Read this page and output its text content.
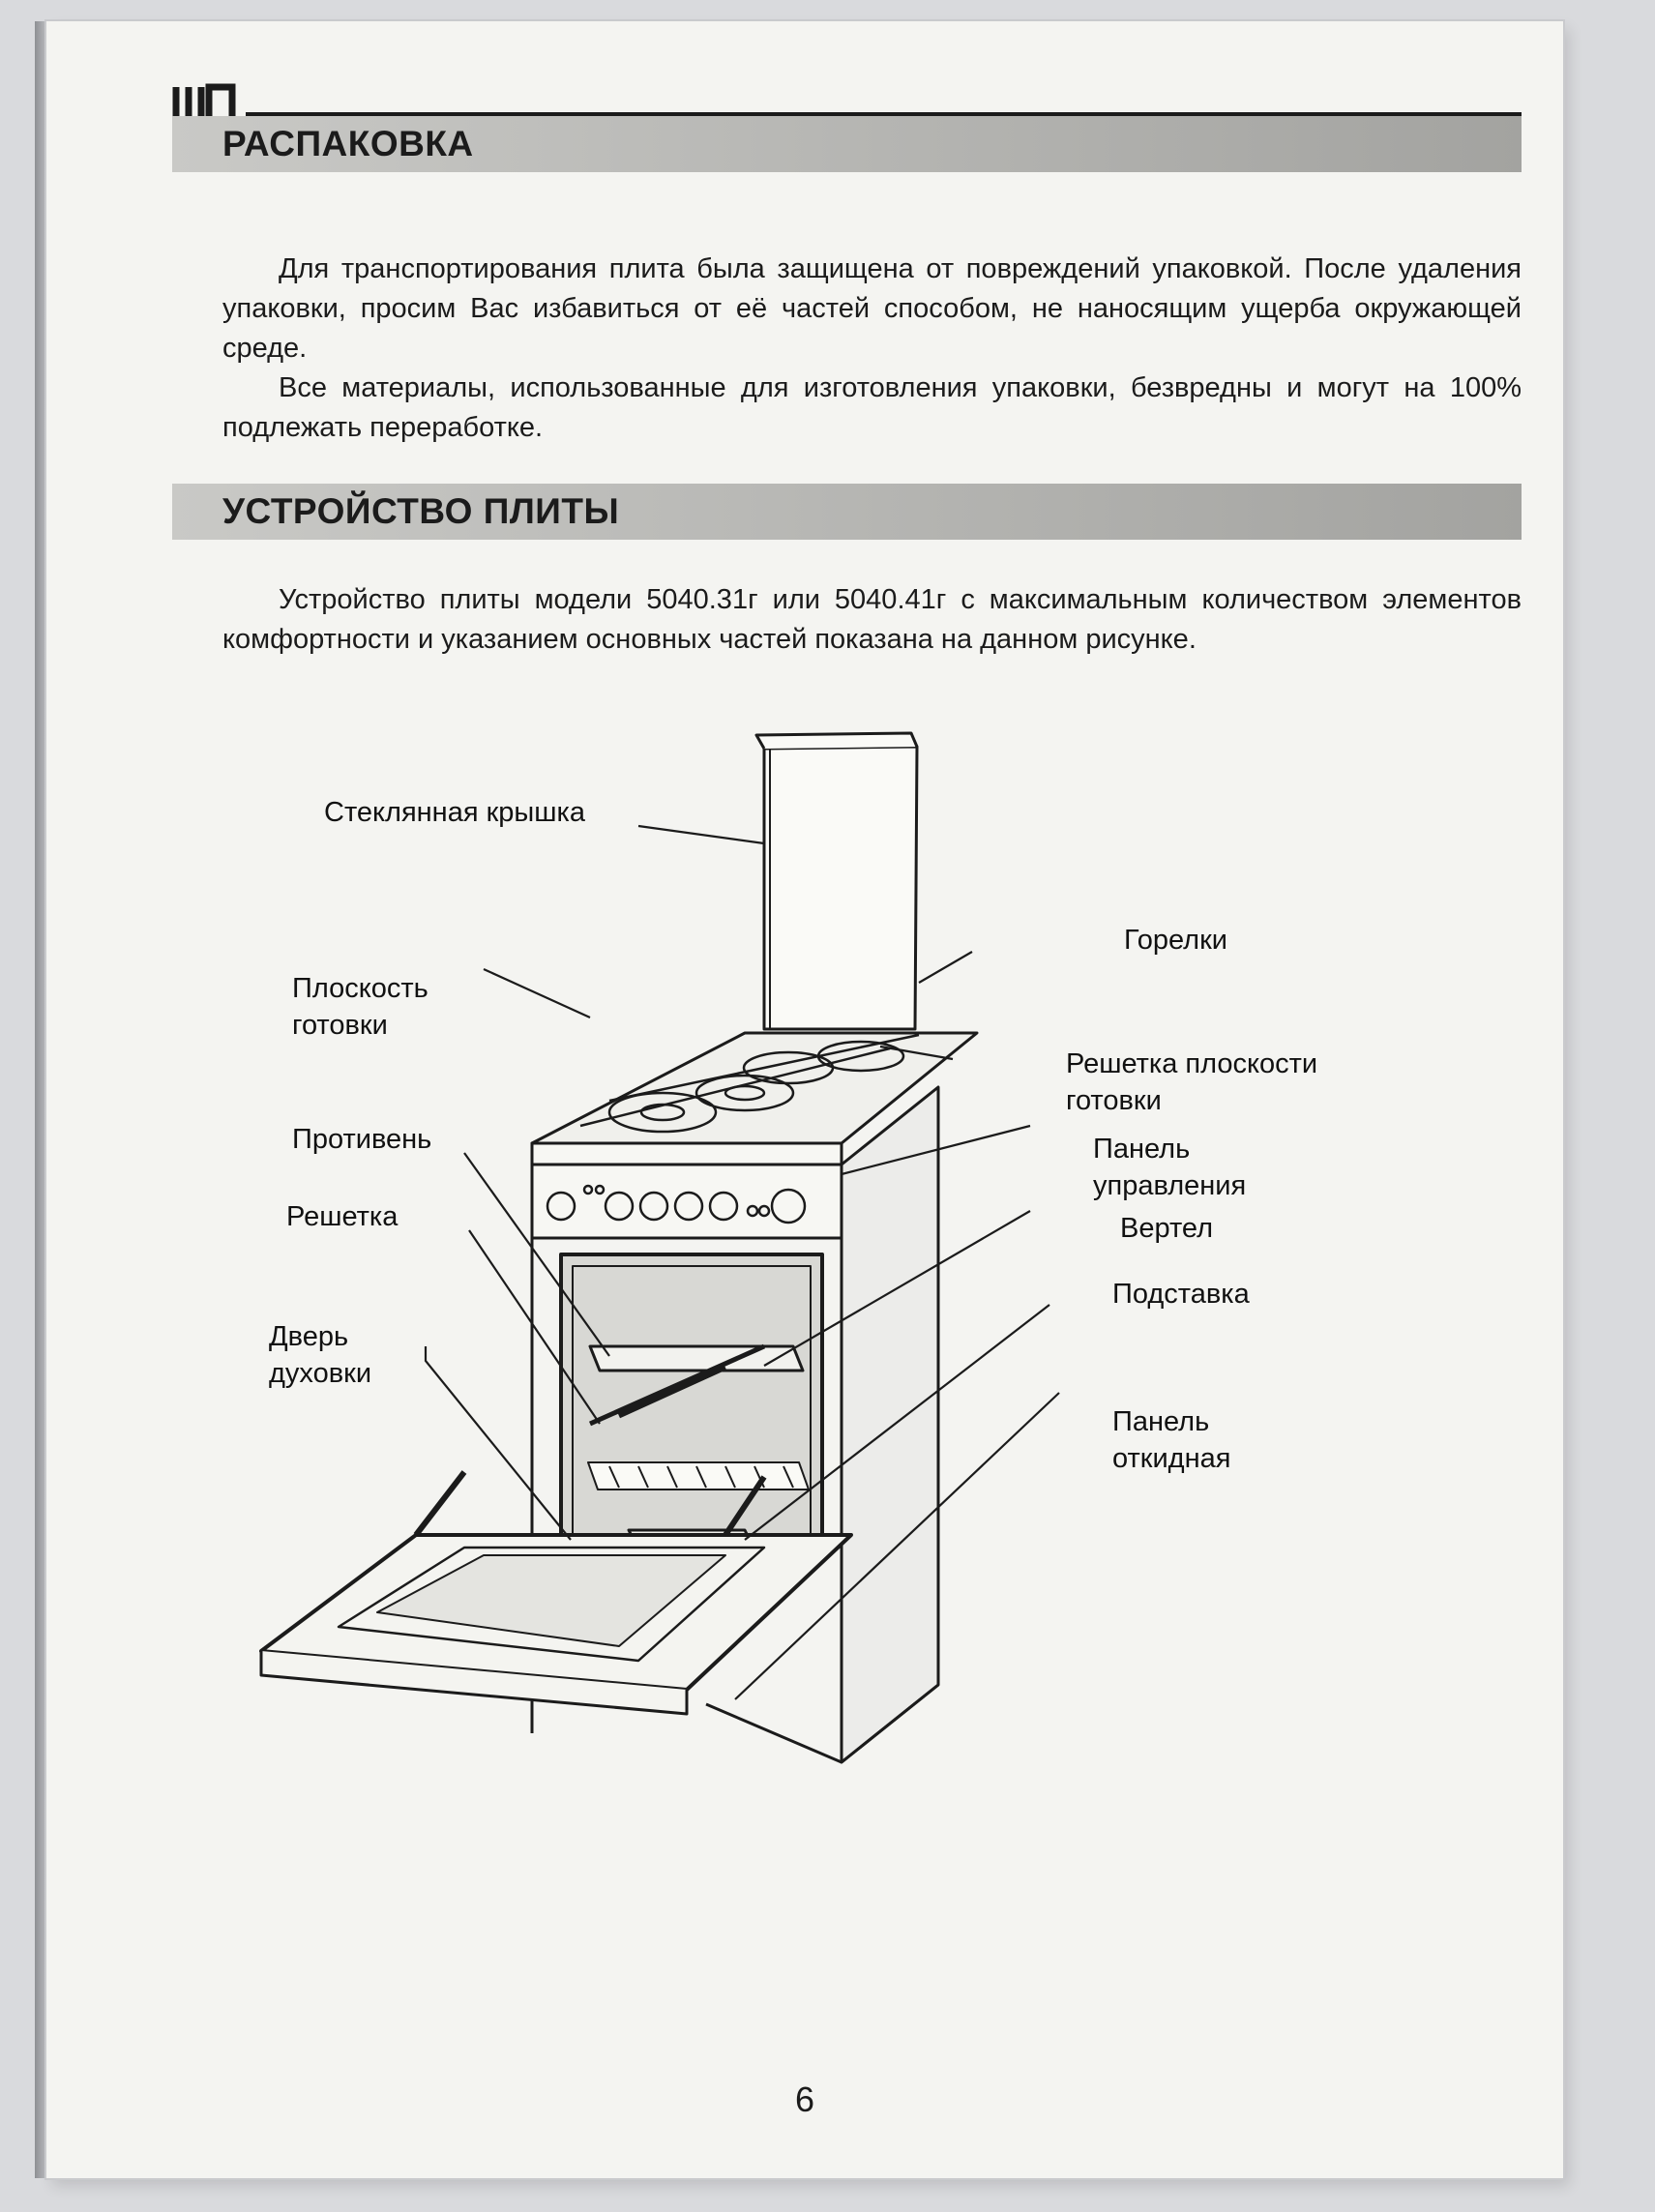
РАСПАКОВКА

Для транспортирования плита была защищена от повреждений упаковкой. После удаления упаковки, просим Вас избавиться от её частей способом, не наносящим ущерба окружающей среде.

Все материалы, использованные для изготовления упаковки, безвредны и могут на 100% подлежать переработке.

УСТРОЙСТВО ПЛИТЫ

Устройство плиты модели 5040.31г или 5040.41г с максимальным количеством элементов комфортности и указанием основных частей показана на данном рисунке.

Стеклянная крышка
Горелки
Плоскость
готовки
Решетка плоскости
готовки
Панель
управления
Противень
Решетка	Вертел
Подставка
Дверь
духовки
Панель
откидная
6
